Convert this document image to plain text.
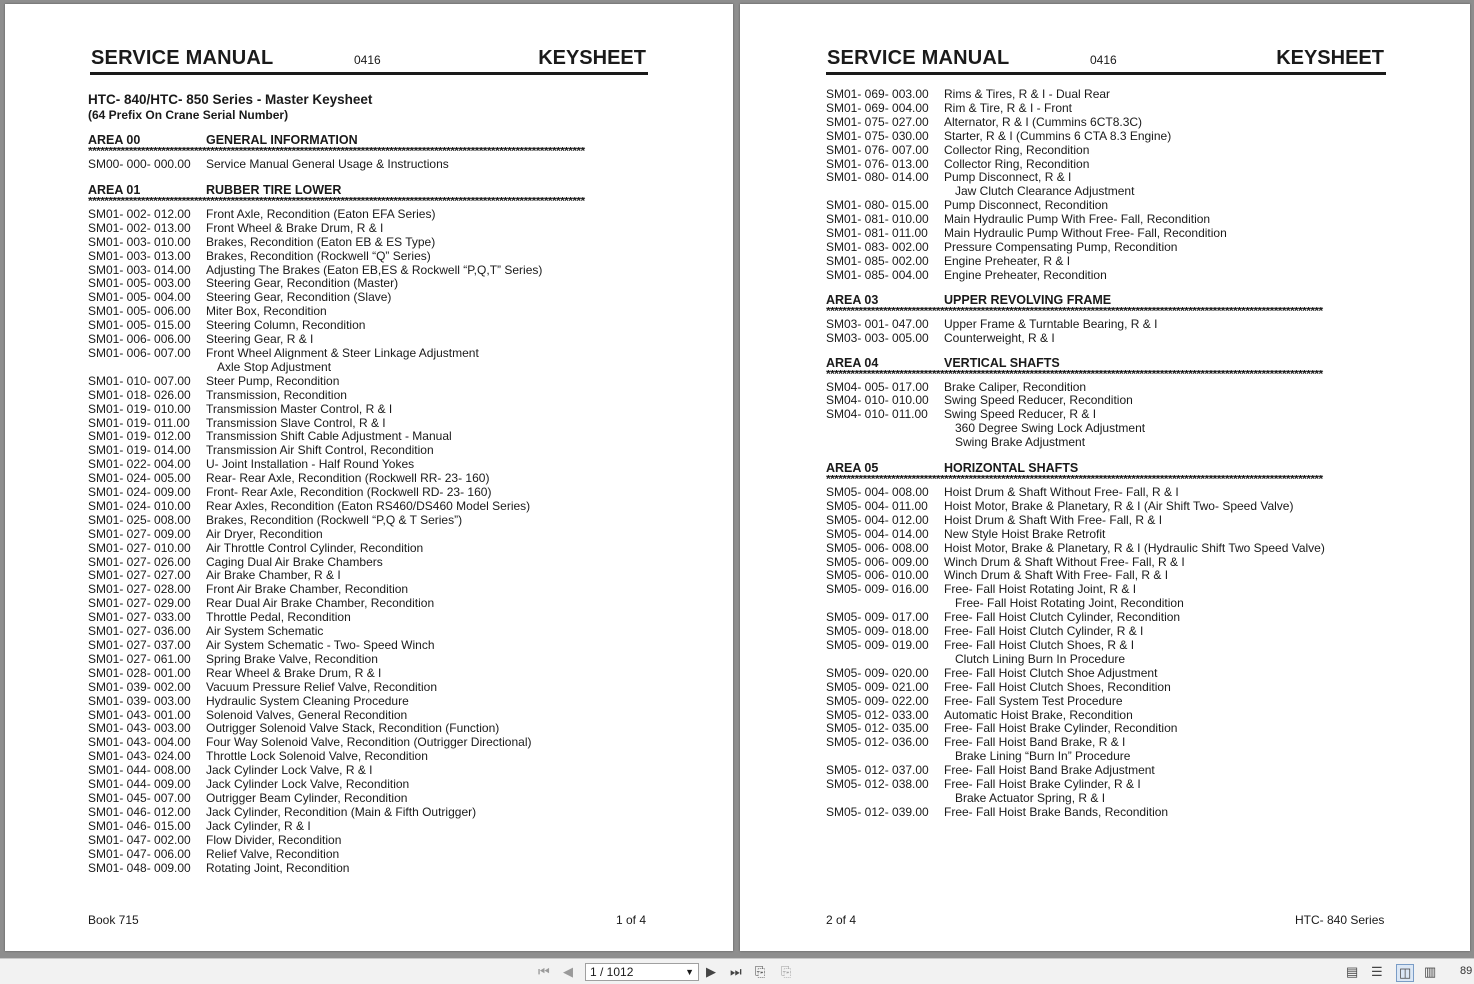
SERVICE MANUAL	0416	KEYSHEET
HTC- 840/HTC- 850 Series - Master Keysheet
(64 Prefix On Crane Serial Number)
AREA 00	GENERAL INFORMATION
**************************************************************************************************************************
SM00- 000- 000.00	Service Manual General Usage & Instructions
AREA 01	RUBBER TIRE LOWER
**************************************************************************************************************************
SM01- 002- 012.00	Front Axle, Recondition (Eaton EFA Series)
SM01- 002- 013.00	Front Wheel & Brake Drum, R & I
SM01- 003- 010.00	Brakes, Recondition (Eaton EB & ES Type)
SM01- 003- 013.00	Brakes, Recondition (Rockwell “Q” Series)
SM01- 003- 014.00	Adjusting The Brakes (Eaton EB,ES & Rockwell “P,Q,T” Series)
SM01- 005- 003.00	Steering Gear, Recondition (Master)
SM01- 005- 004.00	Steering Gear, Recondition (Slave)
SM01- 005- 006.00	Miter Box, Recondition
SM01- 005- 015.00	Steering Column, Recondition
SM01- 006- 006.00	Steering Gear, R & I
SM01- 006- 007.00	Front Wheel Alignment & Steer Linkage Adjustment
Axle Stop Adjustment
SM01- 010- 007.00	Steer Pump, Recondition
SM01- 018- 026.00	Transmission, Recondition
SM01- 019- 010.00	Transmission Master Control, R & I
SM01- 019- 011.00	Transmission Slave Control, R & I
SM01- 019- 012.00	Transmission Shift Cable Adjustment - Manual
SM01- 019- 014.00	Transmission Air Shift Control, Recondition
SM01- 022- 004.00	U- Joint Installation - Half Round Yokes
SM01- 024- 005.00	Rear- Rear Axle, Recondition (Rockwell RR- 23- 160)
SM01- 024- 009.00	Front- Rear Axle, Recondition (Rockwell RD- 23- 160)
SM01- 024- 010.00	Rear Axles, Recondition (Eaton RS460/DS460 Model Series)
SM01- 025- 008.00	Brakes, Recondition (Rockwell “P,Q & T Series”)
SM01- 027- 009.00	Air Dryer, Recondition
SM01- 027- 010.00	Air Throttle Control Cylinder, Recondition
SM01- 027- 026.00	Caging Dual Air Brake Chambers
SM01- 027- 027.00	Air Brake Chamber, R & I
SM01- 027- 028.00	Front Air Brake Chamber, Recondition
SM01- 027- 029.00	Rear Dual Air Brake Chamber, Recondition
SM01- 027- 033.00	Throttle Pedal, Recondition
SM01- 027- 036.00	Air System Schematic
SM01- 027- 037.00	Air System Schematic - Two- Speed Winch
SM01- 027- 061.00	Spring Brake Valve, Recondition
SM01- 028- 001.00	Rear Wheel & Brake Drum, R & I
SM01- 039- 002.00	Vacuum Pressure Relief Valve, Recondition
SM01- 039- 003.00	Hydraulic System Cleaning Procedure
SM01- 043- 001.00	Solenoid Valves, General Recondition
SM01- 043- 003.00	Outrigger Solenoid Valve Stack, Recondition (Function)
SM01- 043- 004.00	Four Way Solenoid Valve, Recondition (Outrigger Directional)
SM01- 043- 024.00	Throttle Lock Solenoid Valve, Recondition
SM01- 044- 008.00	Jack Cylinder Lock Valve, R & I
SM01- 044- 009.00	Jack Cylinder Lock Valve, Recondition
SM01- 045- 007.00	Outrigger Beam Cylinder, Recondition
SM01- 046- 012.00	Jack Cylinder, Recondition (Main & Fifth Outrigger)
SM01- 046- 015.00	Jack Cylinder, R & I
SM01- 047- 002.00	Flow Divider, Recondition
SM01- 047- 006.00	Relief Valve, Recondition
SM01- 048- 009.00	Rotating Joint, Recondition
Book 715	1 of 4
SERVICE MANUAL	0416	KEYSHEET
SM01- 069- 003.00	Rims & Tires, R & I - Dual Rear
SM01- 069- 004.00	Rim & Tire, R & I - Front
SM01- 075- 027.00	Alternator, R & I (Cummins 6CT8.3C)
SM01- 075- 030.00	Starter, R & I (Cummins 6 CTA 8.3 Engine)
SM01- 076- 007.00	Collector Ring, Recondition
SM01- 076- 013.00	Collector Ring, Recondition
SM01- 080- 014.00	Pump Disconnect, R & I
Jaw Clutch Clearance Adjustment
SM01- 080- 015.00	Pump Disconnect, Recondition
SM01- 081- 010.00	Main Hydraulic Pump With Free- Fall, Recondition
SM01- 081- 011.00	Main Hydraulic Pump Without Free- Fall, Recondition
SM01- 083- 002.00	Pressure Compensating Pump, Recondition
SM01- 085- 002.00	Engine Preheater, R & I
SM01- 085- 004.00	Engine Preheater, Recondition
AREA 03	UPPER REVOLVING FRAME
**************************************************************************************************************************
SM03- 001- 047.00	Upper Frame & Turntable Bearing, R & I
SM03- 003- 005.00	Counterweight, R & I
AREA 04	VERTICAL SHAFTS
**************************************************************************************************************************
SM04- 005- 017.00	Brake Caliper, Recondition
SM04- 010- 010.00	Swing Speed Reducer, Recondition
SM04- 010- 011.00	Swing Speed Reducer, R & I
360 Degree Swing Lock Adjustment
Swing Brake Adjustment
AREA 05	HORIZONTAL SHAFTS
**************************************************************************************************************************
SM05- 004- 008.00	Hoist Drum & Shaft Without Free- Fall, R & I
SM05- 004- 011.00	Hoist Motor, Brake & Planetary, R & I (Air Shift Two- Speed Valve)
SM05- 004- 012.00	Hoist Drum & Shaft With Free- Fall, R & I
SM05- 004- 014.00	New Style Hoist Brake Retrofit
SM05- 006- 008.00	Hoist Motor, Brake & Planetary, R & I (Hydraulic Shift Two Speed Valve)
SM05- 006- 009.00	Winch Drum & Shaft Without Free- Fall, R & I
SM05- 006- 010.00	Winch Drum & Shaft With Free- Fall, R & I
SM05- 009- 016.00	Free- Fall Hoist Rotating Joint, R & I
Free- Fall Hoist Rotating Joint, Recondition
SM05- 009- 017.00	Free- Fall Hoist Clutch Cylinder, Recondition
SM05- 009- 018.00	Free- Fall Hoist Clutch Cylinder, R & I
SM05- 009- 019.00	Free- Fall Hoist Clutch Shoes, R & I
Clutch Lining Burn In Procedure
SM05- 009- 020.00	Free- Fall Hoist Clutch Shoe Adjustment
SM05- 009- 021.00	Free- Fall Hoist Clutch Shoes, Recondition
SM05- 009- 022.00	Free- Fall System Test Procedure
SM05- 012- 033.00	Automatic Hoist Brake, Recondition
SM05- 012- 035.00	Free- Fall Hoist Brake Cylinder, Recondition
SM05- 012- 036.00	Free- Fall Hoist Band Brake, R & I
Brake Lining “Burn In” Procedure
SM05- 012- 037.00	Free- Fall Hoist Band Brake Adjustment
SM05- 012- 038.00	Free- Fall Hoist Brake Cylinder, R & I
Brake Actuator Spring, R & I
SM05- 012- 039.00	Free- Fall Hoist Brake Bands, Recondition
2 of 4	HTC- 840 Series
⏮ ◀	1 / 1012	▼ ▶ ⏭ ⎘ ⎘	▤ ☰ ◫ ▥ 89
